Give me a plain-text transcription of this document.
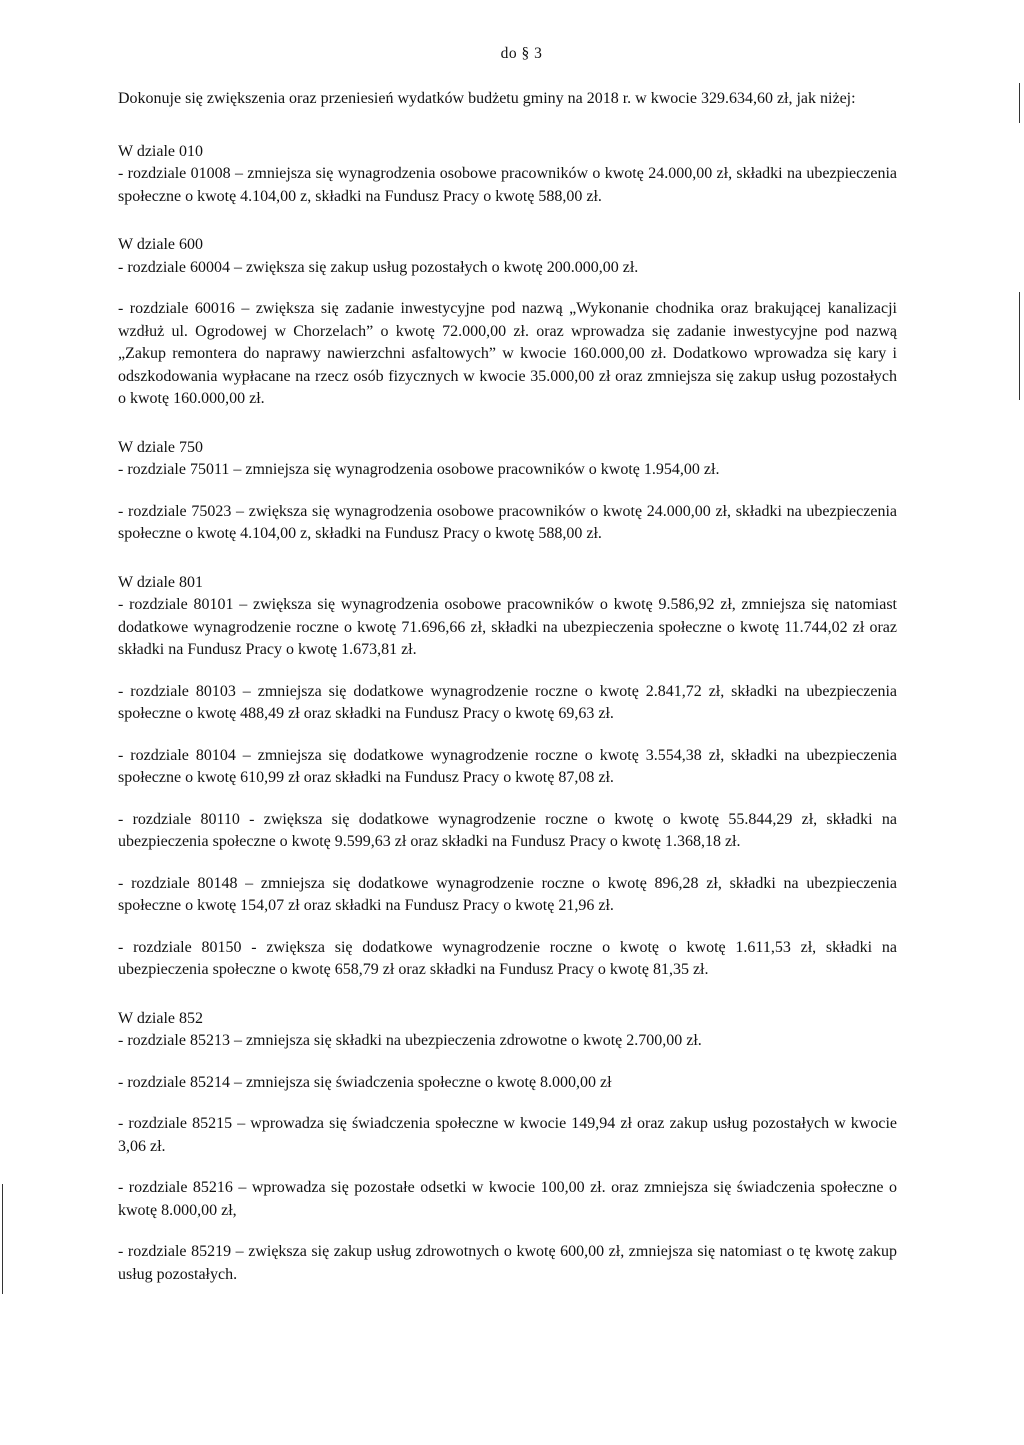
do § 3

Dokonuje się zwiększenia oraz przeniesień wydatków budżetu gminy na 2018 r. w kwocie 329.634,60 zł, jak niżej:

W dziale 010

- rozdziale 01008 – zmniejsza się wynagrodzenia osobowe pracowników o kwotę 24.000,00 zł, składki na ubezpieczenia społeczne o kwotę 4.104,00 z, składki na Fundusz Pracy o kwotę 588,00 zł.

W dziale 600

- rozdziale 60004 – zwiększa się zakup usług pozostałych o kwotę 200.000,00 zł.

- rozdziale 60016 – zwiększa się zadanie inwestycyjne pod nazwą „Wykonanie chodnika oraz brakującej kanalizacji wzdłuż ul. Ogrodowej w Chorzelach” o kwotę 72.000,00 zł. oraz wprowadza się zadanie inwestycyjne pod nazwą „Zakup remontera do naprawy nawierzchni asfaltowych” w kwocie 160.000,00 zł. Dodatkowo wprowadza się kary i odszkodowania wypłacane na rzecz osób fizycznych w kwocie 35.000,00 zł oraz zmniejsza się zakup usług pozostałych o kwotę 160.000,00 zł.

W dziale 750

- rozdziale 75011 – zmniejsza się wynagrodzenia osobowe pracowników o kwotę 1.954,00 zł.

- rozdziale 75023 – zwiększa się wynagrodzenia osobowe pracowników o kwotę 24.000,00 zł, składki na ubezpieczenia społeczne o kwotę 4.104,00 z, składki na Fundusz Pracy o kwotę 588,00 zł.

W dziale 801

- rozdziale 80101 – zwiększa się wynagrodzenia osobowe pracowników o kwotę 9.586,92 zł, zmniejsza się natomiast dodatkowe wynagrodzenie roczne o kwotę 71.696,66 zł, składki na ubezpieczenia społeczne o kwotę 11.744,02 zł oraz składki na Fundusz Pracy o kwotę 1.673,81 zł.

- rozdziale 80103 – zmniejsza się dodatkowe wynagrodzenie roczne o kwotę 2.841,72 zł, składki na ubezpieczenia społeczne o kwotę 488,49 zł oraz składki na Fundusz Pracy o kwotę 69,63 zł.

- rozdziale 80104 – zmniejsza się dodatkowe wynagrodzenie roczne o kwotę 3.554,38 zł, składki na ubezpieczenia społeczne o kwotę 610,99 zł oraz składki na Fundusz Pracy o kwotę 87,08 zł.

- rozdziale 80110 - zwiększa się dodatkowe wynagrodzenie roczne o kwotę o kwotę 55.844,29 zł, składki na ubezpieczenia społeczne o kwotę 9.599,63 zł oraz składki na Fundusz Pracy o kwotę 1.368,18 zł.

- rozdziale 80148 – zmniejsza się dodatkowe wynagrodzenie roczne o kwotę 896,28 zł, składki na ubezpieczenia społeczne o kwotę 154,07 zł oraz składki na Fundusz Pracy o kwotę 21,96 zł.

- rozdziale 80150 - zwiększa się dodatkowe wynagrodzenie roczne o kwotę o kwotę 1.611,53 zł, składki na ubezpieczenia społeczne o kwotę 658,79 zł oraz składki na Fundusz Pracy o kwotę 81,35 zł.

W dziale 852

- rozdziale 85213 – zmniejsza się składki na ubezpieczenia zdrowotne o kwotę 2.700,00 zł.

- rozdziale 85214 – zmniejsza się świadczenia społeczne o kwotę 8.000,00 zł

- rozdziale 85215 – wprowadza się świadczenia społeczne w kwocie 149,94 zł oraz zakup usług pozostałych w kwocie 3,06 zł.

- rozdziale 85216 – wprowadza się pozostałe odsetki w kwocie 100,00 zł. oraz zmniejsza się świadczenia społeczne o kwotę 8.000,00 zł,

- rozdziale 85219 – zwiększa się zakup usług zdrowotnych o kwotę 600,00 zł, zmniejsza się natomiast o tę kwotę zakup usług pozostałych.
